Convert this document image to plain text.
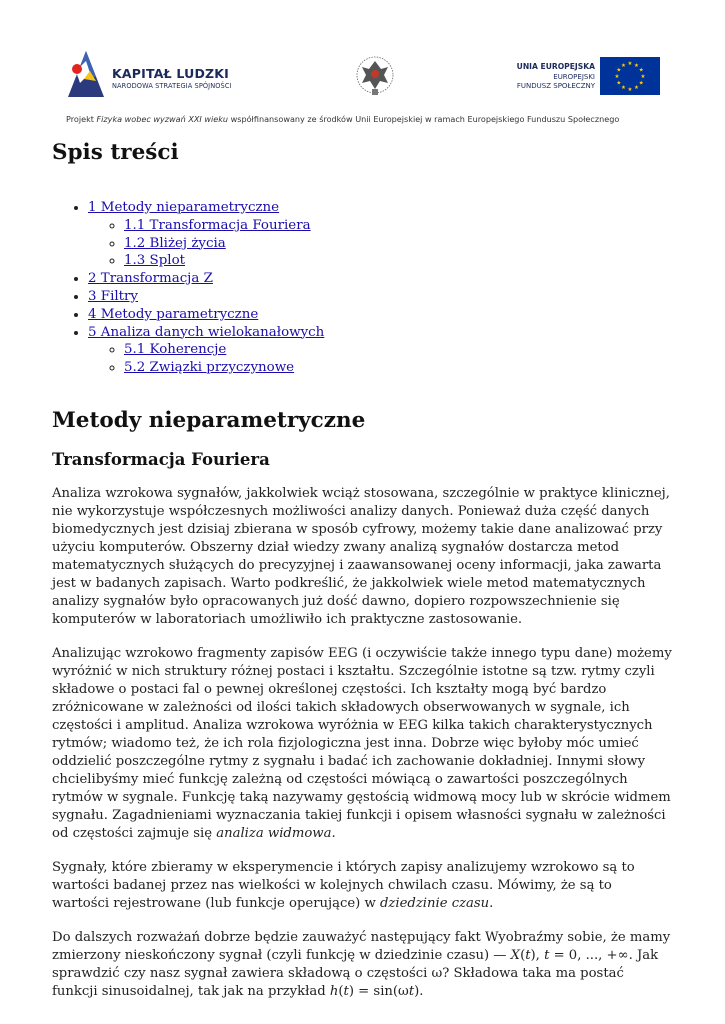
KAPITAŁ LUDZKI
NARODOWA STRATEGIA SPÓJNOŚCI
UNIA EUROPEJSKA
EUROPEJSKI
FUNDUSZ SPOŁECZNY
★ ★
★
★
★
★
★
★
★
★
★
★
Projekt Fizyka wobec wyzwań XXI wieku współfinansowany ze środków Unii Europejskiej w ramach Europejskiego Funduszu Społecznego
Spis treści
• 1 Metody nieparametryczne
◦ 1.1 Transformacja Fouriera
◦ 1.2 Bliżej życia
◦ 1.3 Splot
• 2 Transformacja Z
• 3 Filtry
• 4 Metody parametryczne
• 5 Analiza danych wielokanałowych
◦ 5.1 Koherencje
◦ 5.2 Związki przyczynowe
Metody nieparametryczne
Transformacja Fouriera

Analiza wzrokowa sygnałów, jakkolwiek wciąż stosowana, szczególnie w praktyce klinicznej, nie wykorzystuje współczesnych możliwości analizy danych. Ponieważ duża część danych biomedycznych jest dzisiaj zbierana w sposób cyfrowy, możemy takie dane analizować przy użyciu komputerów. Obszerny dział wiedzy zwany analizą sygnałów dostarcza metod matematycznych służących do precyzyjnej i zaawansowanej oceny informacji, jaka zawarta jest w badanych zapisach. Warto podkreślić, że jakkolwiek wiele metod matematycznych analizy sygnałów było opracowanych już dość dawno, dopiero rozpowszechnienie się komputerów w laboratoriach umożliwiło ich praktyczne zastosowanie.

Analizując wzrokowo fragmenty zapisów EEG (i oczywiście także innego typu dane) możemy wyróżnić w nich struktury różnej postaci i kształtu. Szczególnie istotne są tzw. rytmy czyli składowe o postaci fal o pewnej określonej częstości. Ich kształty mogą być bardzo zróżnicowane w zależności od ilości takich składowych obserwowanych w sygnale, ich częstości i amplitud. Analiza wzrokowa wyróżnia w EEG kilka takich charakterystycznych rytmów; wiadomo też, że ich rola fizjologiczna jest inna. Dobrze więc byłoby móc umieć oddzielić poszczególne rytmy z sygnału i badać ich zachowanie dokładniej. Innymi słowy chcielibyśmy mieć funkcję zależną od częstości mówiącą o zawartości poszczególnych rytmów w sygnale. Funkcję taką nazywamy gęstością widmową mocy lub w skrócie widmem sygnału. Zagadnieniami wyznaczania takiej funkcji i opisem własności sygnału w zależności od częstości zajmuje się analiza widmowa.

Sygnały, które zbieramy w eksperymencie i których zapisy analizujemy wzrokowo są to wartości badanej przez nas wielkości w kolejnych chwilach czasu. Mówimy, że są to wartości rejestrowane (lub funkcje operujące) w dziedzinie czasu.

Do dalszych rozważań dobrze będzie zauważyć następujący fakt Wyobraźmy sobie, że mamy zmierzony nieskończony sygnał (czyli funkcję w dziedzinie czasu) — X(t), t = 0, ..., +∞. Jak sprawdzić czy nasz sygnał zawiera składową o częstości ω? Składowa taka ma postać funkcji sinusoidalnej, tak jak na przykład h(t) = sin(ωt).
